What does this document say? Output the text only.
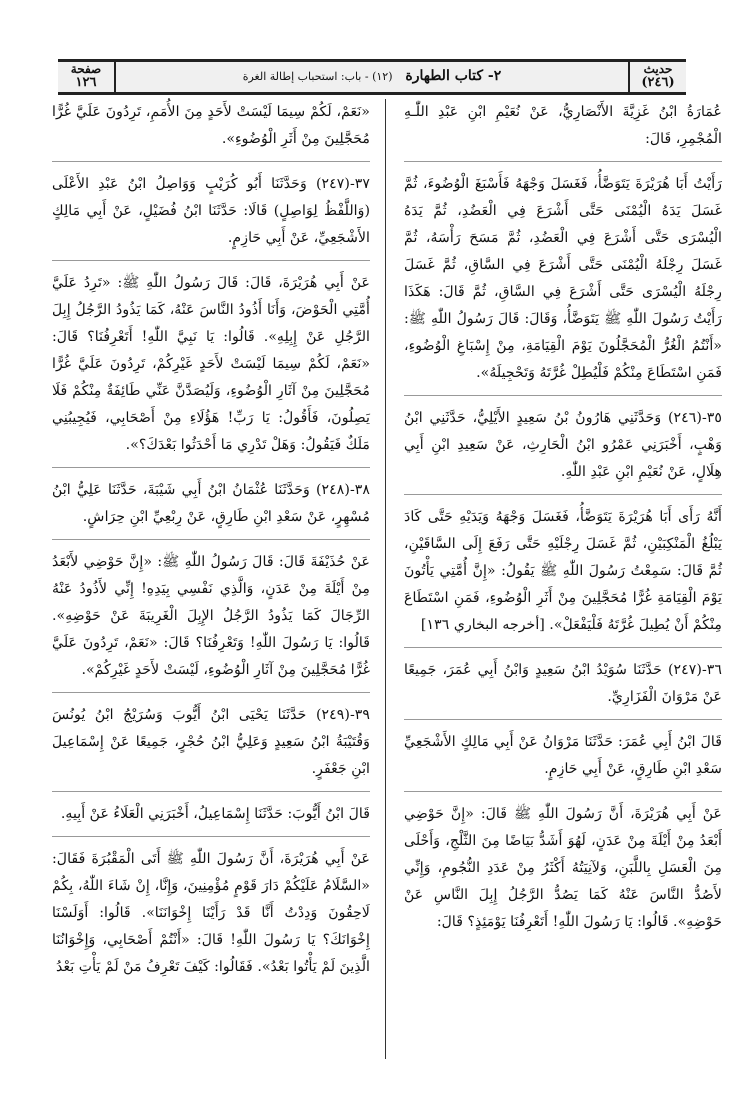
حديث
(٢٤٦)
٢- كتاب الطهارة (١٢) - باب: استحباب إطالة الغرة
صفحة
١٢٦

عُمَارَةُ ابْنُ غَزِيَّةَ الأَنْصَارِيُّ، عَنْ نُعَيْمِ ابْنِ عَبْدِ اللّٰـهِ الْمُجْمِرِ، قَالَ:

رَأَيْتُ أَبَا هُرَيْرَةَ يَتَوَضَّأُ، فَغَسَلَ وَجْهَهُ فَأَسْبَغَ الْوُضُوءَ، ثُمَّ غَسَلَ يَدَهُ الْيُمْنَى حَتَّى أَشْرَعَ فِي الْعَضُدِ، ثُمَّ يَدَهُ الْيُسْرَى حَتَّى أَشْرَعَ فِي الْعَضُدِ، ثُمَّ مَسَحَ رَأْسَهُ، ثُمَّ غَسَلَ رِجْلَهُ الْيُمْنَى حَتَّى أَشْرَعَ فِي السَّاقِ، ثُمَّ غَسَلَ رِجْلَهُ الْيُسْرَى حَتَّى أَشْرَعَ فِي السَّاقِ، ثُمَّ قَالَ: هَكَذَا رَأَيْتُ رَسُولَ اللّٰهِ ﷺ يَتَوَضَّأُ، وَقَالَ: قَالَ رَسُولُ اللّٰهِ ﷺ: «أَنْتُمُ الْغُرُّ الْمُحَجَّلُونَ يَوْمَ الْقِيَامَةِ، مِنْ إِسْبَاغِ الْوُضُوءِ، فَمَنِ اسْتَطَاعَ مِنْكُمْ فَلْيُطِلْ غُرَّتَهُ وَتَحْجِيلَهُ».

٣٥-(٢٤٦) وَحَدَّثَنِي هَارُونُ بْنُ سَعِيدٍ الأَيْلِيُّ، حَدَّثَنِي ابْنُ وَهْبٍ، أَخْبَرَنِي عَمْرُو ابْنُ الْحَارِثِ، عَنْ سَعِيدِ ابْنِ أَبِي هِلَالٍ، عَنْ نُعَيْمِ ابْنِ عَبْدِ اللّٰهِ.

أَنَّهُ رَأَى أَبَا هُرَيْرَةَ يَتَوَضَّأُ، فَغَسَلَ وَجْهَهُ وَيَدَيْهِ حَتَّى كَادَ يَبْلُغُ الْمَنْكِبَيْنِ، ثُمَّ غَسَلَ رِجْلَيْهِ حَتَّى رَفَعَ إِلَى السَّاقَيْنِ، ثُمَّ قَالَ: سَمِعْتُ رَسُولَ اللّٰهِ ﷺ يَقُولُ: «إِنَّ أُمَّتِي يَأْتُونَ يَوْمَ الْقِيَامَةِ غُرًّا مُحَجَّلِينَ مِنْ أَثَرِ الْوُضُوءِ، فَمَنِ اسْتَطَاعَ مِنْكُمْ أَنْ يُطِيلَ غُرَّتَهُ فَلْيَفْعَلْ». [أخرجه البخاري ١٣٦]

٣٦-(٢٤٧) حَدَّثَنَا سُوَيْدُ ابْنُ سَعِيدٍ وَابْنُ أَبِي عُمَرَ، جَمِيعًا عَنْ مَرْوَانَ الْفَزَارِيِّ.

قَالَ ابْنُ أَبِي عُمَرَ: حَدَّثَنَا مَرْوَانُ عَنْ أَبِي مَالِكٍ الأَشْجَعِيِّ سَعْدِ ابْنِ طَارِقٍ، عَنْ أَبِي حَازِمٍ.

عَنْ أَبِي هُرَيْرَةَ، أَنَّ رَسُولَ اللّٰهِ ﷺ قَالَ: «إِنَّ حَوْضِي أَبْعَدُ مِنْ أَيْلَةَ مِنْ عَدَنٍ، لَهُوَ أَشَدُّ بَيَاضًا مِنَ الثَّلْجِ، وَأَحْلَى مِنَ الْعَسَلِ بِاللَّبَنِ، وَلآنِيَتُهُ أَكْثَرُ مِنْ عَدَدِ النُّجُومِ، وَإِنِّي لأَصُدُّ النَّاسَ عَنْهُ كَمَا يَصُدُّ الرَّجُلُ إِبِلَ النَّاسِ عَنْ حَوْضِهِ». قَالُوا: يَا رَسُولَ اللّٰهِ! أَتَعْرِفُنَا يَوْمَئِذٍ؟ قَالَ:

«نَعَمْ، لَكُمْ سِيمَا لَيْسَتْ لأَحَدٍ مِنَ الأُمَمِ، تَرِدُونَ عَلَيَّ غُرًّا مُحَجَّلِينَ مِنْ أَثَرِ الْوُضُوءِ».

٣٧-(٢٤٧) وَحَدَّثَنَا أَبُو كُرَيْبٍ وَوَاصِلُ ابْنُ عَبْدِ الأَعْلَى (وَاللَّفْظُ لِوَاصِلٍ) قَالَا: حَدَّثَنَا ابْنُ فُضَيْلٍ، عَنْ أَبِي مَالِكٍ الأَشْجَعِيِّ، عَنْ أَبِي حَازِمٍ.

عَنْ أَبِي هُرَيْرَةَ، قَالَ: قَالَ رَسُولُ اللّٰهِ ﷺ: «تَرِدُ عَلَيَّ أُمَّتِي الْحَوْضَ، وَأَنَا أَذُودُ النَّاسَ عَنْهُ، كَمَا يَذُودُ الرَّجُلُ إِبِلَ الرَّجُلِ عَنْ إِبِلِهِ». قَالُوا: يَا نَبِيَّ اللّٰهِ! أَتَعْرِفُنَا؟ قَالَ: «نَعَمْ، لَكُمْ سِيمَا لَيْسَتْ لأَحَدٍ غَيْرِكُمْ، تَرِدُونَ عَلَيَّ غُرًّا مُحَجَّلِينَ مِنْ آثَارِ الْوُضُوءِ، وَلَيُصَدَّنَّ عَنِّي طَائِفَةٌ مِنْكُمْ فَلَا يَصِلُونَ، فَأَقُولُ: يَا رَبِّ! هَؤُلَاءِ مِنْ أَصْحَابِي، فَيُجِيبُنِي مَلَكٌ فَيَقُولُ: وَهَلْ تَدْرِي مَا أَحْدَثُوا بَعْدَكَ؟».

٣٨-(٢٤٨) وَحَدَّثَنَا عُثْمَانُ ابْنُ أَبِي شَيْبَةَ، حَدَّثَنَا عَلِيُّ ابْنُ مُسْهِرٍ، عَنْ سَعْدِ ابْنِ طَارِقٍ، عَنْ رِبْعِيِّ ابْنِ حِرَاشٍ.

عَنْ حُذَيْفَةَ قَالَ: قَالَ رَسُولُ اللّٰهِ ﷺ: «إِنَّ حَوْضِي لأَبْعَدُ مِنْ أَيْلَةَ مِنْ عَدَنٍ، وَالَّذِي نَفْسِي بِيَدِهِ! إِنِّي لأَذُودُ عَنْهُ الرِّجَالَ كَمَا يَذُودُ الرَّجُلُ الإِبِلَ الْغَرِيبَةَ عَنْ حَوْضِهِ». قَالُوا: يَا رَسُولَ اللّٰهِ! وَتَعْرِفُنَا؟ قَالَ: «نَعَمْ، تَرِدُونَ عَلَيَّ غُرًّا مُحَجَّلِينَ مِنْ آثَارِ الْوُضُوءِ، لَيْسَتْ لأَحَدٍ غَيْرِكُمْ».

٣٩-(٢٤٩) حَدَّثَنَا يَحْيَى ابْنُ أَيُّوبَ وَسُرَيْجُ ابْنُ يُونُسَ وَقُتَيْبَةُ ابْنُ سَعِيدٍ وَعَلِيُّ ابْنُ حُجْرٍ، جَمِيعًا عَنْ إِسْمَاعِيلَ ابْنِ جَعْفَرٍ.

قَالَ ابْنُ أَيُّوبَ: حَدَّثَنَا إِسْمَاعِيلُ، أَخْبَرَنِي الْعَلَاءُ عَنْ أَبِيهِ.

عَنْ أَبِي هُرَيْرَةَ، أَنَّ رَسُولَ اللّٰهِ ﷺ أَتَى الْمَقْبُرَةَ فَقَالَ: «السَّلَامُ عَلَيْكُمْ دَارَ قَوْمٍ مُؤْمِنِينَ، وَإِنَّا، إِنْ شَاءَ اللّٰهُ، بِكُمْ لَاحِقُونَ وَدِدْتُ أَنَّا قَدْ رَأَيْنَا إِخْوَانَنَا». قَالُوا: أَوَلَسْنَا إِخْوَانَكَ؟ يَا رَسُولَ اللّٰهِ! قَالَ: «أَنْتُمْ أَصْحَابِي، وَإِخْوَانُنَا الَّذِينَ لَمْ يَأْتُوا بَعْدُ». فَقَالُوا: كَيْفَ تَعْرِفُ مَنْ لَمْ يَأْتِ بَعْدُ
